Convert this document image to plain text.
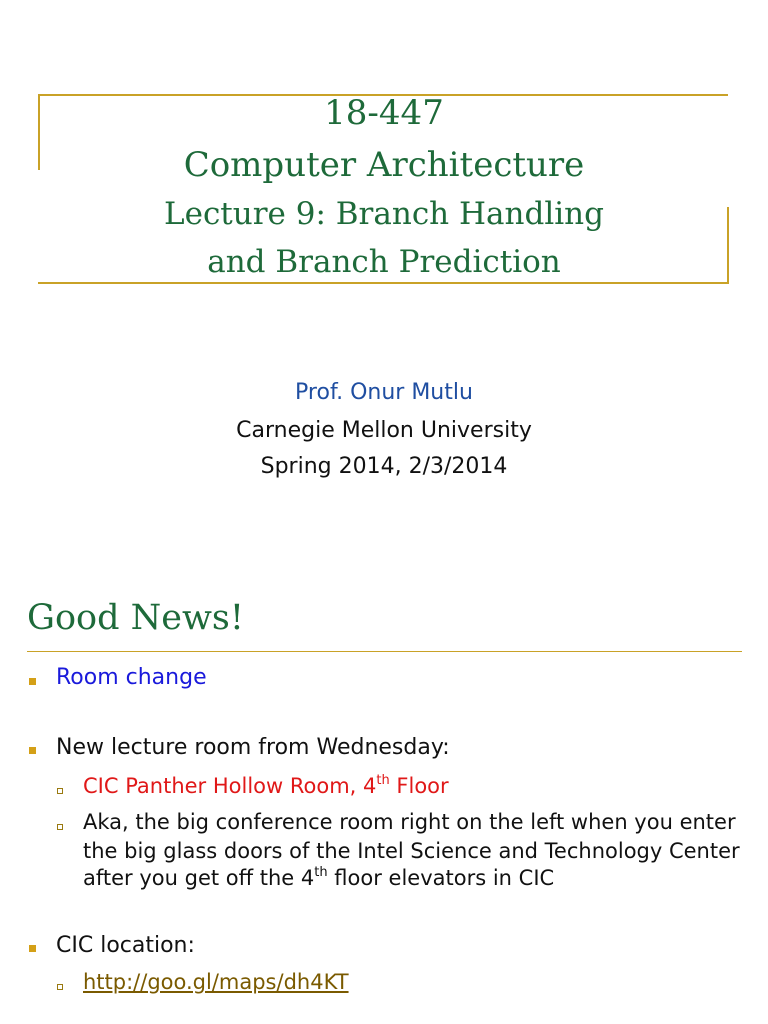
18-447
Computer Architecture
Lecture 9: Branch Handling
and Branch Prediction
Prof. Onur Mutlu
Carnegie Mellon University
Spring 2014, 2/3/2014
Good News!
Room change
New lecture room from Wednesday:
CIC Panther Hollow Room, 4th Floor
Aka, the big conference room right on the left when you enter
the big glass doors of the Intel Science and Technology Center
after you get off the 4th floor elevators in CIC
CIC location:
http://goo.gl/maps/dh4KT
